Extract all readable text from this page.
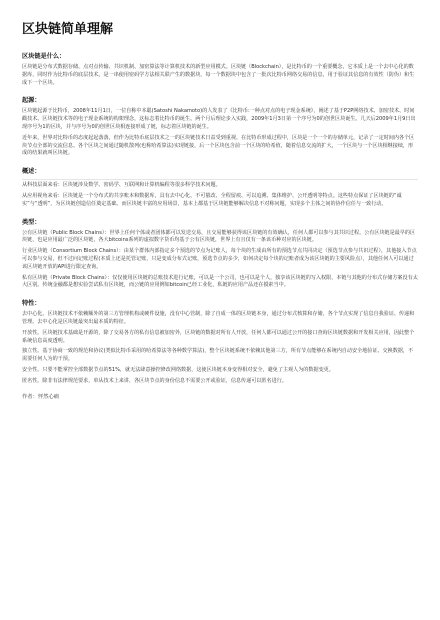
区块链简单理解
区块链是什么：

区块链是分布式数据存储、点对点传输、共识机制、加密算法等计算机技术的新型应用模式。区块链（Blockchain），是比特币的一个重要概念，它本质上是一个去中心化的数据库，同时作为比特币的底层技术，是一串使用密码学方法相关联产生的数据块，每一个数据块中包含了一批次比特币网络交易的信息，用于验证其信息的有效性（防伪）和生成下一个区块。

起源：

区块链起源于比特币，2008年11月1日，一位自称中本聪(Satoshi Nakamoto)的人发表了《比特币:一种点对点的电子现金系统》，阐述了基于P2P网络技术、加密技术、时间戳技术、区块链技术等的电子现金系统的构架理念，这标志着比特币的诞生。两个月后理论步入实践，2009年1月3日第一个序号为0的创世区块诞生。几天后2009年1月9日出现序号为1的区块，并与序号为0的创世区块相连接形成了链，标志着区块链的诞生。

近年来，世界对比特币的态度起起落落，但作为比特币底层技术之一的区块链技术日益受到重视。在比特币形成过程中，区块是一个一个的存储单元，记录了一定时间内各个区块节点全部的交流信息。各个区块之间通过随机散列(也称哈希算法)实现链接，后一个区块包含前一个区块的哈希值，随着信息交流的扩大，一个区块与一个区块相继接续，形成的结果就叫区块链。

概述：

从科技层面来看：区块链涉及数学、密码学、互联网和计算机编程等很多科学技术问题。

从应用视角来看：区块链是一个分布式的共享账本和数据库，具有去中心化、不可篡改、全程留痕、可以追溯、集体维护、公开透明等特点。这些特点保证了区块链的“诚实”与“透明”，为区块链创造信任奠定基础。而区块链丰富的应用场景，基本上都基于区块链能够解决信息不对称问题，实现多个主体之间的协作信任与一致行动。

类型：

公有区块链（Public Block Chains）：世界上任何个体或者团体都可以发送交易，且交易能够获得该区块链的有效确认，任何人都可以参与其共识过程。公有区块链是最早的区块链，也是应用最广泛的区块链，各大bitcoins系列的虚拟数字货币均基于公有区块链，世界上有且仅有一条该币种对应的区块链。

行业区块链（Consortium Block Chains）：由某个群体内部指定多个预选的节点为记账人，每个块的生成由所有的预选节点共同决定（预选节点参与共识过程），其他接入节点可以参与交易，但不过问记账过程(本质上还是托管记账，只是变成分布式记账，预选节点的多少，如何决定每个块的记账者成为该区块链的主要风险点），其他任何人可以通过该区块链开放的API进行限定查询。

私有区块链（Private Block Chains）：仅仅使用区块链的总账技术进行记账，可以是一个公司，也可以是个人，独享该区块链的写入权限，本链与其他的分布式存储方案没有太大区别。传统金融都是想实验尝试私有区块链，而公链的应用例如bitcoin已经工业化，私链的应用产品还在摸索当中。

特性：

去中心化。区块链技术不依赖额外的第三方管理机构或硬件设施，没有中心管制，除了自成一体的区块链本身，通过分布式核算和存储，各个节点实现了信息自我验证、传递和管理。去中心化是区块链最突出最本质的特征。

开放性。区块链技术基础是开源的，除了交易各方的私有信息被加密外，区块链的数据对所有人开放，任何人都可以通过公开的接口查询区块链数据和开发相关应用，因此整个系统信息高度透明。

独立性。基于协商一致的规范和协议(类似比特币采用的哈希算法等各种数学算法)，整个区块链系统不依赖其他第三方，所有节点能够在系统内自动安全地验证、交换数据，不需要任何人为的干预。

安全性。只要不能掌控全部数据节点的51%，就无法肆意操控修改网络数据，这使区块链本身变得相对安全，避免了主观人为的数据变更。

匿名性。除非有法律规范要求，单从技术上来讲，各区块节点的身份信息不需要公开或验证，信息传递可以匿名进行。

作者：怦然心痛
